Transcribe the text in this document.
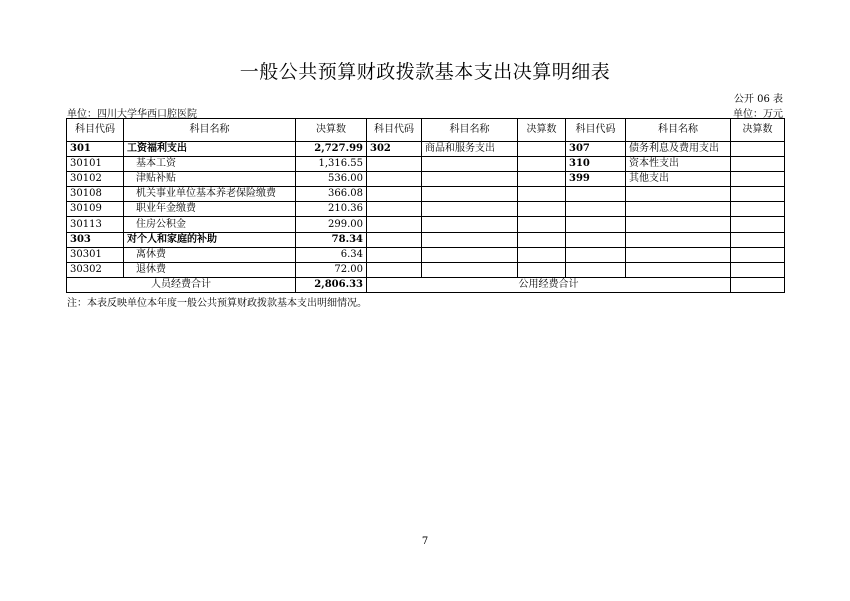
一般公共预算财政拨款基本支出决算明细表
公开 06 表
单位：四川大学华西口腔医院	单位：万元
科目代码	科目名称	决算数	科目代码	科目名称	决算数	科目代码	科目名称	决算数
301	工资福利支出	2,727.99	302	商品和服务支出		307	债务利息及费用支出	
30101	基本工资	1,316.55				310	资本性支出	
30102	津贴补贴	536.00				399	其他支出	
30108	机关事业单位基本养老保险缴费	366.08						
30109	职业年金缴费	210.36						
30113	住房公积金	299.00						
303	对个人和家庭的补助	78.34						
30301	离休费	6.34						
30302	退休费	72.00						
人员经费合计		2,806.33	公用经费合计					
注：本表反映单位本年度一般公共预算财政拨款基本支出明细情况。
7
